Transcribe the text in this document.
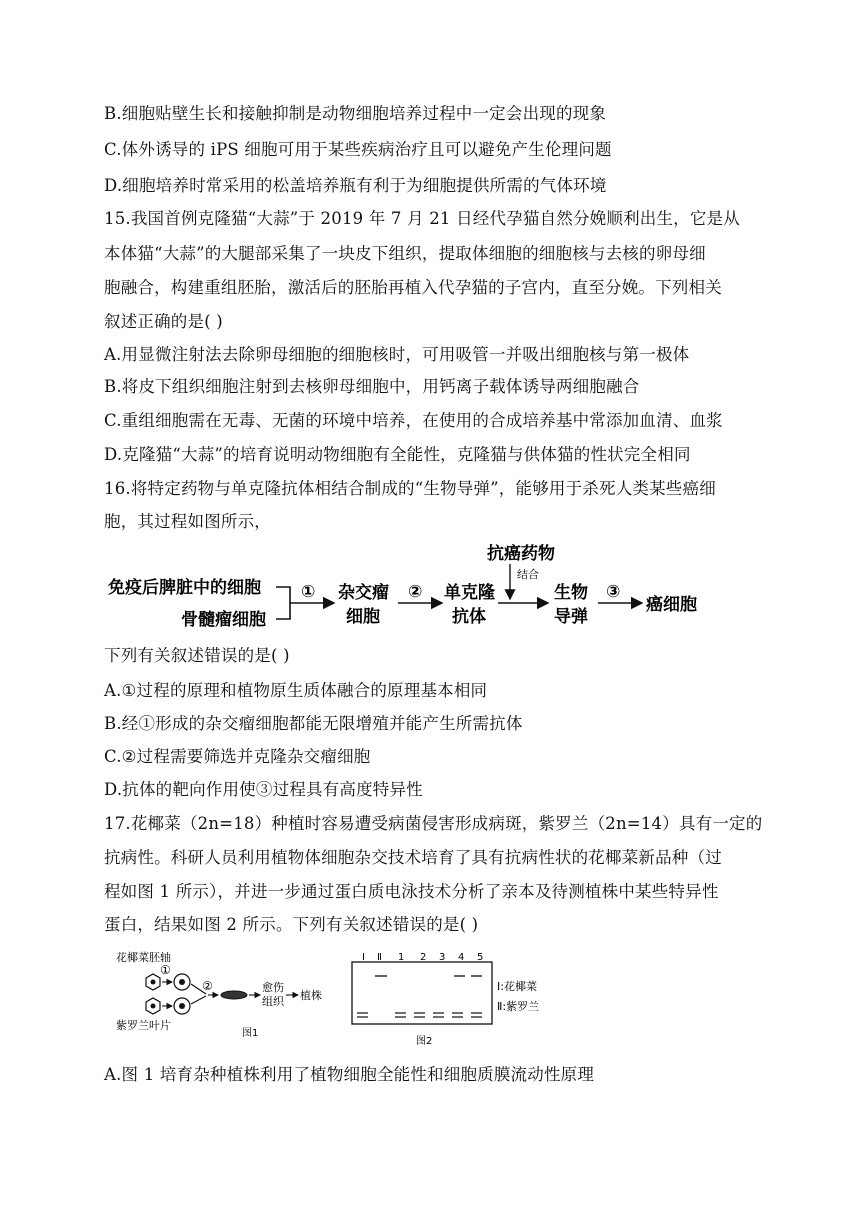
B.细胞贴壁生长和接触抑制是动物细胞培养过程中一定会出现的现象
C.体外诱导的 iPS 细胞可用于某些疾病治疗且可以避免产生伦理问题
D.细胞培养时常采用的松盖培养瓶有利于为细胞提供所需的气体环境
15.我国首例克隆猫“大蒜”于 2019 年 7 月 21 日经代孕猫自然分娩顺利出生，它是从
本体猫“大蒜”的大腿部采集了一块皮下组织，提取体细胞的细胞核与去核的卵母细
胞融合，构建重组胚胎，激活后的胚胎再植入代孕猫的子宫内，直至分娩。下列相关
叙述正确的是( )
A.用显微注射法去除卵母细胞的细胞核时，可用吸管一并吸出细胞核与第一极体
B.将皮下组织细胞注射到去核卵母细胞中，用钙离子载体诱导两细胞融合
C.重组细胞需在无毒、无菌的环境中培养，在使用的合成培养基中常添加血清、血浆
D.克隆猫“大蒜”的培育说明动物细胞有全能性，克隆猫与供体猫的性状完全相同
16.将特定药物与单克隆抗体相结合制成的“生物导弹”，能够用于杀死人类某些癌细
胞，其过程如图所示，
免疫后脾脏中的细胞
骨髓瘤细胞
① 杂交瘤
细胞
② 单克隆
抗体
抗癌药物
结合
生物
导弹
③
癌细胞
下列有关叙述错误的是( )
A.①过程的原理和植物原生质体融合的原理基本相同
B.经①形成的杂交瘤细胞都能无限增殖并能产生所需抗体
C.②过程需要筛选并克隆杂交瘤细胞
D.抗体的靶向作用使③过程具有高度特异性
17.花椰菜（2n=18）种植时容易遭受病菌侵害形成病斑，紫罗兰（2n=14）具有一定的
抗病性。科研人员利用植物体细胞杂交技术培育了具有抗病性状的花椰菜新品种（过
程如图 1 所示），并进一步通过蛋白质电泳技术分析了亲本及待测植株中某些特异性
蛋白，结果如图 2 所示。下列有关叙述错误的是( )
花椰菜胚轴
①
②	愈伤
组织 植株
紫罗兰叶片
图1
Ⅰ Ⅱ 1 2 3 4 5
Ⅰ:花椰菜
Ⅱ:紫罗兰
图2
A.图 1 培育杂种植株利用了植物细胞全能性和细胞质膜流动性原理
